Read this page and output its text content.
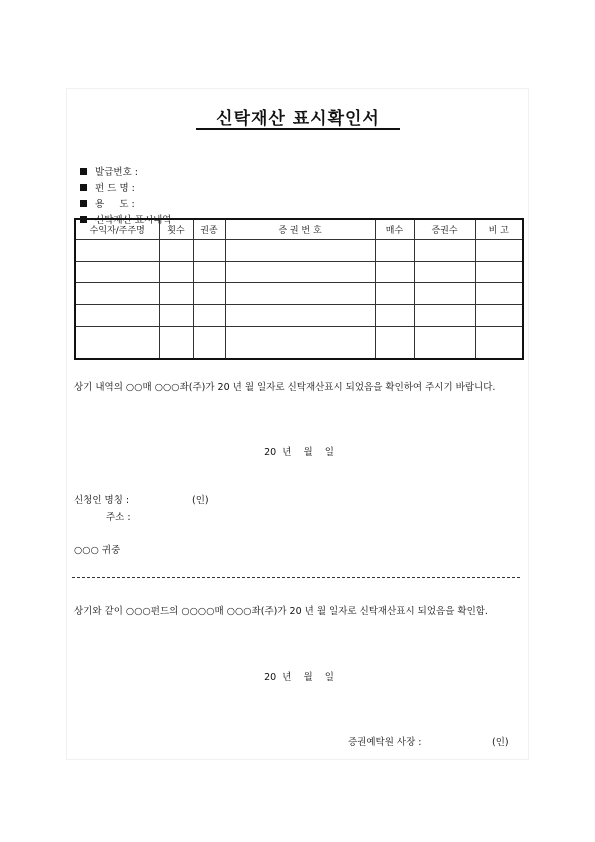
신탁재산 표시확인서

발급번호 :

펀 드 명 :

용     도 :

신탁재산 표시내역

수익자/주주명	횟수	권종	증 권 번 호	매수	증권수	비 고

상기 내역의 ○○매 ○○○좌(주)가 20 년 월 일자로 신탁재산표시 되었음을 확인하여 주시기 바랍니다.
20  년    월    일
신청인 명칭 :	(인)
주소 :
○○○ 귀중
상기와 같이 ○○○펀드의 ○○○○매 ○○○좌(주)가 20 년 월 일자로 신탁재산표시 되었음을 확인함.
20  년    월    일
증권예탁원 사장 :	(인)
